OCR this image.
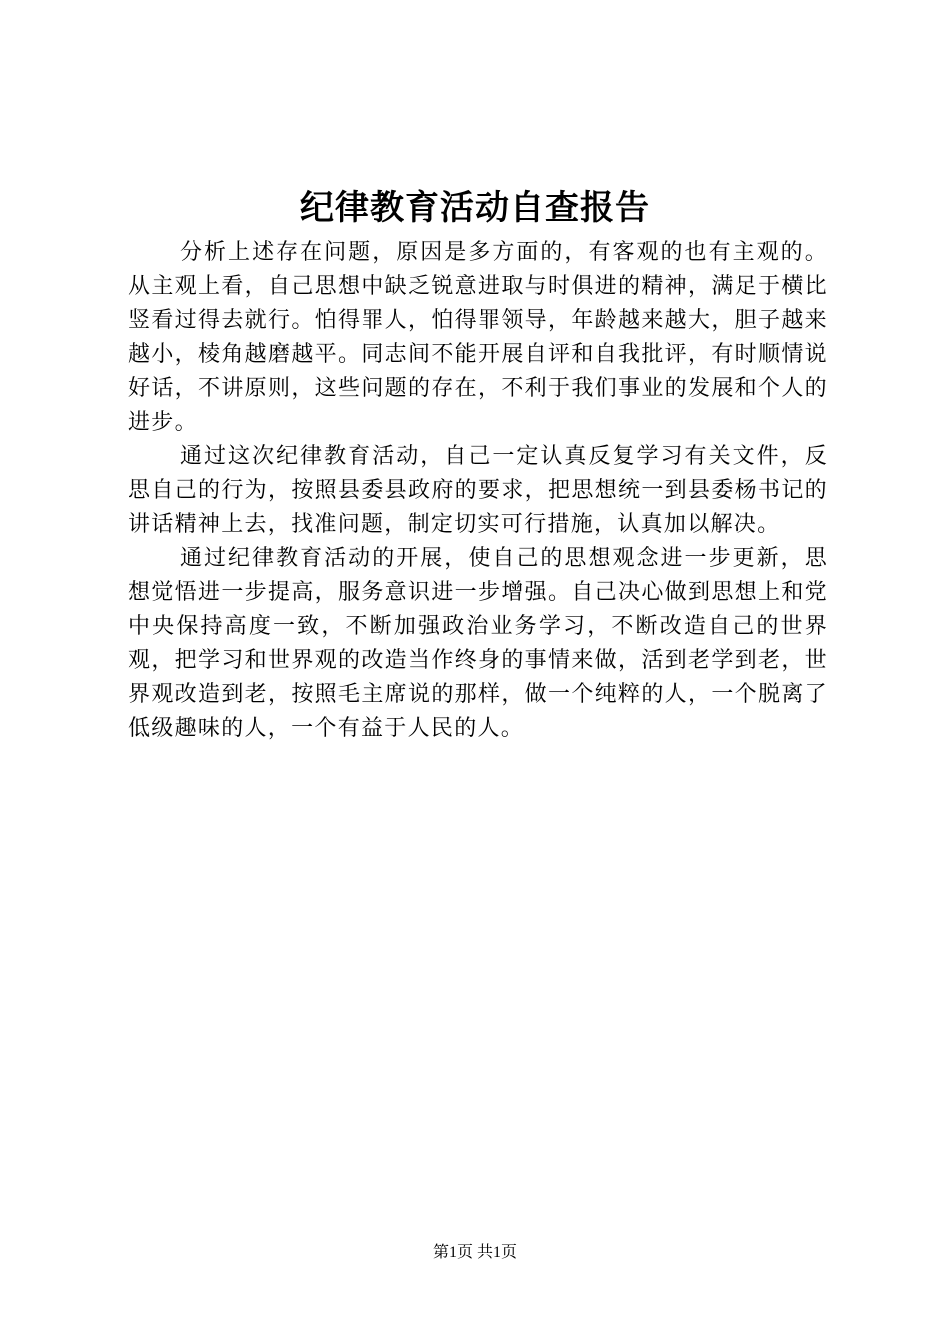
纪律教育活动自查报告

分析上述存在问题，原因是多方面的，有客观的也有主观的。从主观上看，自己思想中缺乏锐意进取与时俱进的精神，满足于横比竖看过得去就行。怕得罪人，怕得罪领导，年龄越来越大，胆子越来越小，棱角越磨越平。同志间不能开展自评和自我批评，有时顺情说好话，不讲原则，这些问题的存在，不利于我们事业的发展和个人的进步。

通过这次纪律教育活动，自己一定认真反复学习有关文件，反思自己的行为，按照县委县政府的要求，把思想统一到县委杨书记的讲话精神上去，找准问题，制定切实可行措施，认真加以解决。

通过纪律教育活动的开展，使自己的思想观念进一步更新，思想觉悟进一步提高，服务意识进一步增强。自己决心做到思想上和党中央保持高度一致，不断加强政治业务学习，不断改造自己的世界观，把学习和世界观的改造当作终身的事情来做，活到老学到老，世界观改造到老，按照毛主席说的那样，做一个纯粹的人，一个脱离了低级趣味的人，一个有益于人民的人。

第1页 共1页
